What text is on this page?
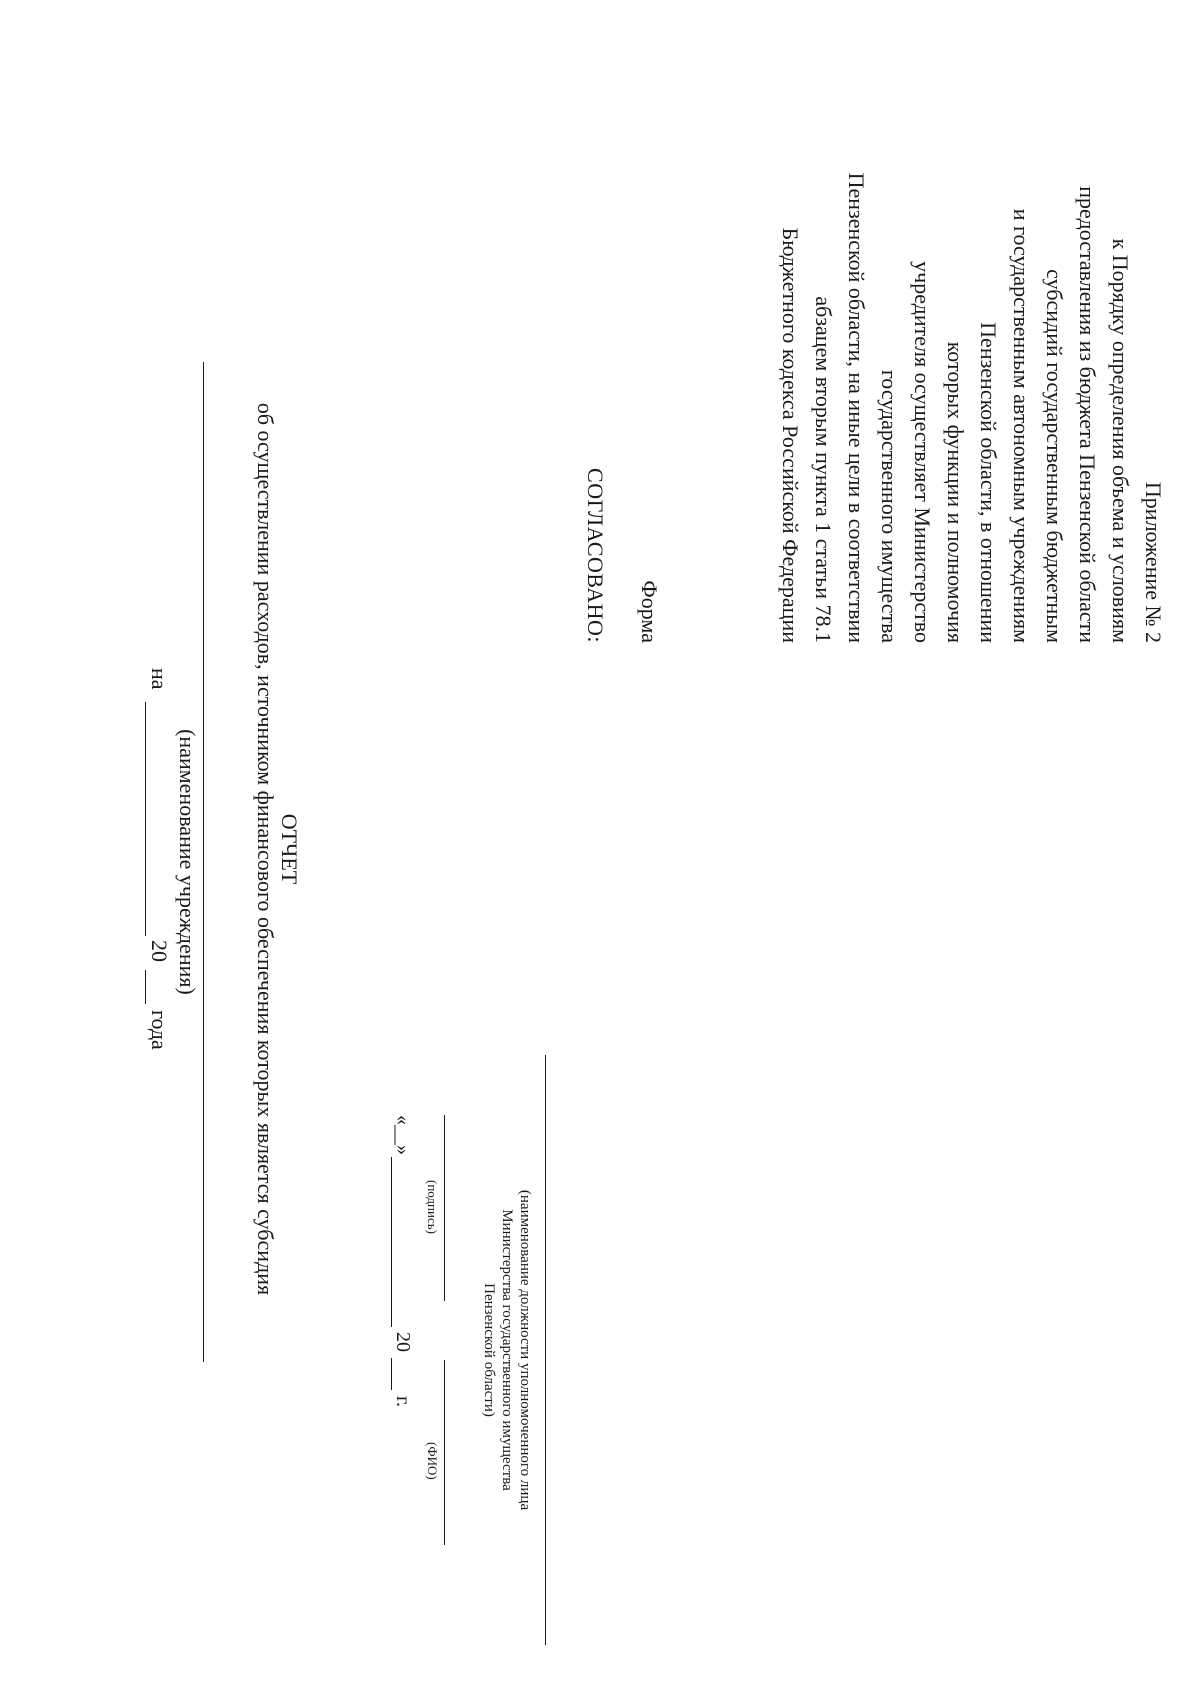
Приложение № 2
к Порядку определения объема и условиям
предоставления из бюджета Пензенской области
субсидий государственным бюджетным
и государственным автономным учреждениям
Пензенской области, в отношении
которых функции и полномочия
учредителя осуществляет Министерство
государственного имущества
Пензенской области, на иные цели в соответствии
абзацем вторым пункта 1 статьи 78.1
Бюджетного кодекса Российской Федерации
Форма
СОГЛАСОВАНО:
(наименование должности уполномоченного лица
Министерства государственного имущества
Пензенской области)
(подпись)
(ФИО)
«__»
20
г.
ОТЧЕТ
об осуществлении расходов, источником финансового обеспечения которых является субсидия
(наименование учреждения)
на
20
года
